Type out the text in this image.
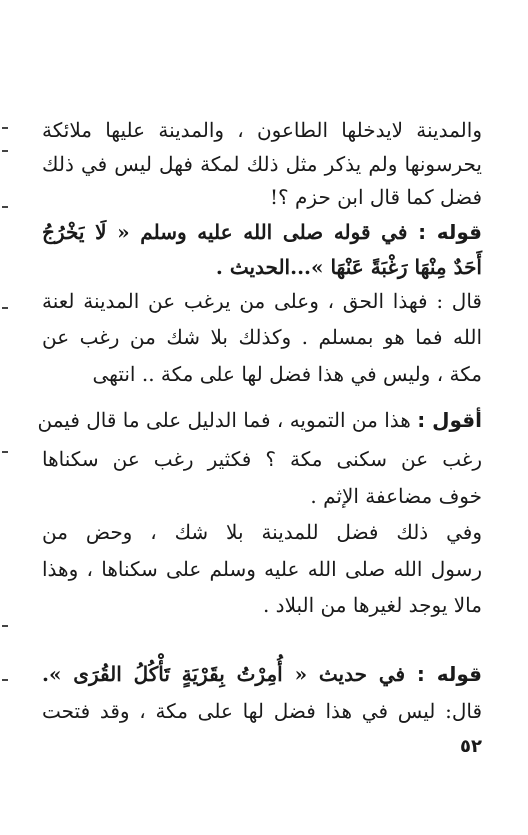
والمدينة لايدخلها الطاعون ، والمدينة عليها ملائكة
يحرسونها ولم يذكر مثل ذلك لمكة فهل ليس في ذلك
فضل كما قال ابن حزم ؟!
قوله : في قوله صلى الله عليه وسلم « لَا يَخْرُجُ
أَحَدٌ مِنْهَا رَغْبَةً عَنْهَا »...الحديث .
قال : فهذا الحق ، وعلى من يرغب عن المدينة لعنة
الله فما هو بمسلم . وكذلك بلا شك من رغب عن
مكة ، وليس في هذا فضل لها على مكة .. انتهى
أقول : هذا من التمويه ، فما الدليل على ما قال فيمن
رغب عن سكنى مكة ؟ فكثير رغب عن سكناها
خوف مضاعفة الإثم .
وفي ذلك فضل للمدينة بلا شك ، وحض من
رسول الله صلى الله عليه وسلم على سكناها ، وهذا
مالا يوجد لغيرها من البلاد .
قوله : في حديث « أُمِرْتُ بِقَرْيَةٍ تَأْكُلُ القُرَى ».
قال: ليس في هذا فضل لها على مكة ، وقد فتحت
٥٢
